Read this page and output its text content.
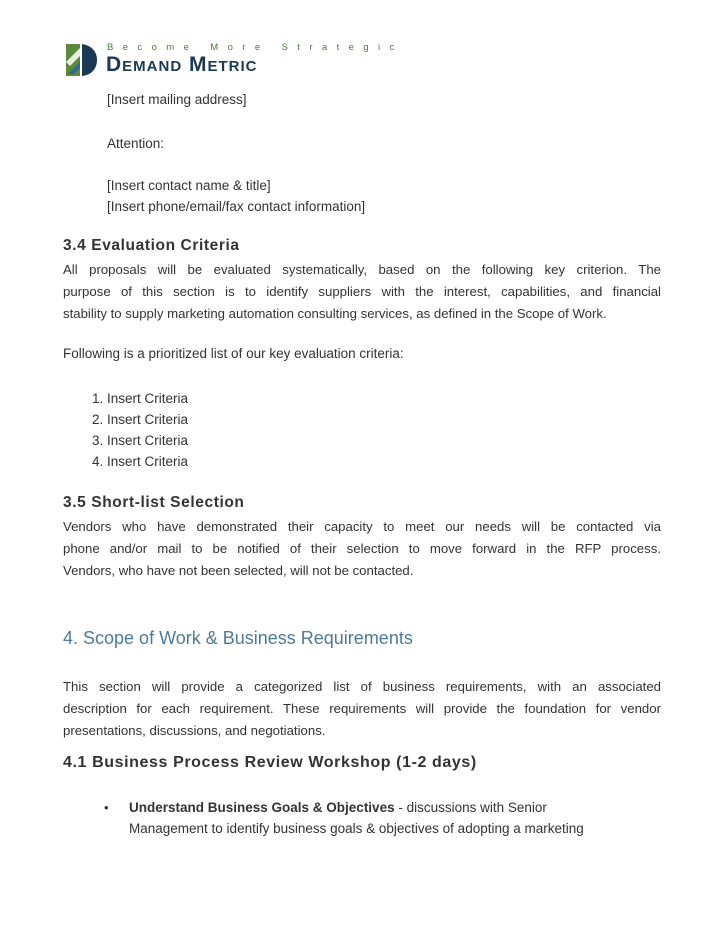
Become More Strategic
Demand Metric
[Insert mailing address]
Attention:
[Insert contact name & title]
[Insert phone/email/fax contact information]
3.4 Evaluation Criteria
All proposals will be evaluated systematically, based on the following key criterion. The
purpose of this section is to identify suppliers with the interest, capabilities, and financial
stability to supply marketing automation consulting services, as defined in the Scope of Work.
Following is a prioritized list of our key evaluation criteria:
1. Insert Criteria
2. Insert Criteria
3. Insert Criteria
4. Insert Criteria
3.5 Short-list Selection
Vendors who have demonstrated their capacity to meet our needs will be contacted via
phone and/or mail to be notified of their selection to move forward in the RFP process.
Vendors, who have not been selected, will not be contacted.
4. Scope of Work & Business Requirements
This section will provide a categorized list of business requirements, with an associated
description for each requirement. These requirements will provide the foundation for vendor
presentations, discussions, and negotiations.
4.1 Business Process Review Workshop (1-2 days)
• Understand Business Goals & Objectives - discussions with Senior
Management to identify business goals & objectives of adopting a marketing
